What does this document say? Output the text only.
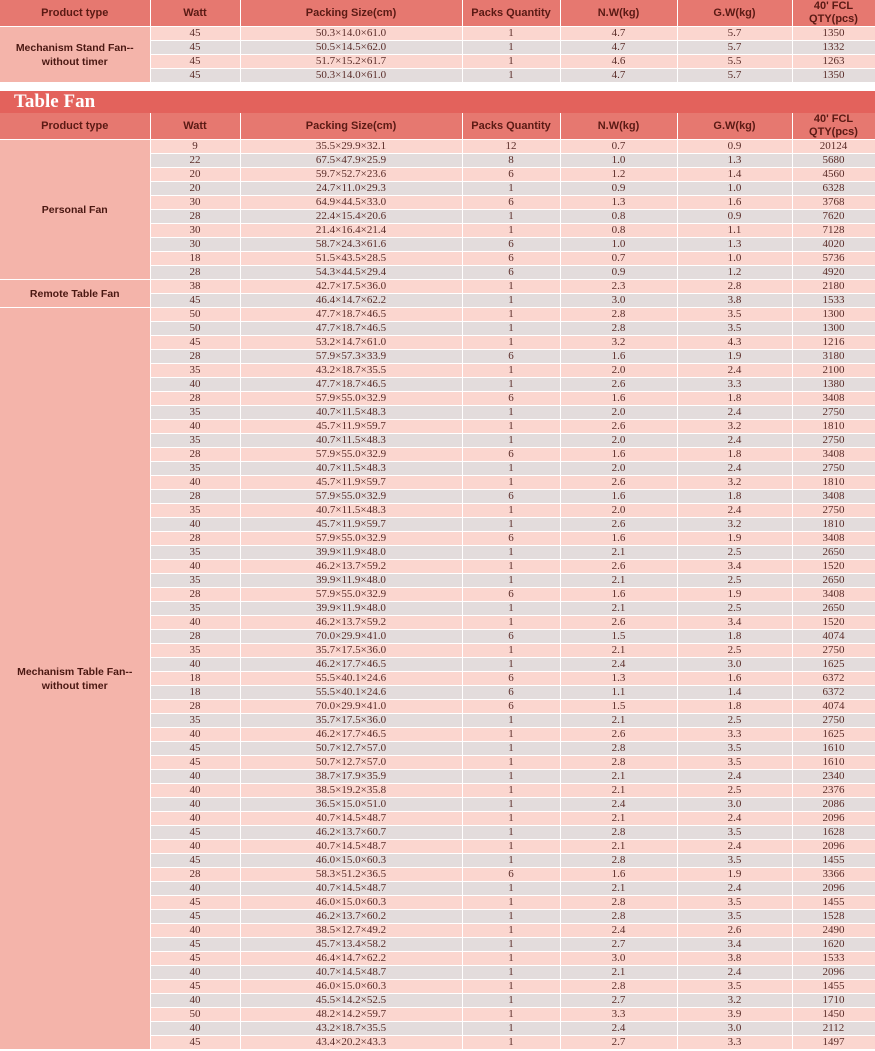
Product type	Watt	Packing Size(cm)	Packs Quantity	N.W(kg)	G.W(kg)	40' FCL QTY(pcs)
Mechanism Stand Fan--without timer	45	50.3×14.0×61.0	1	4.7	5.7	1350
	45	50.5×14.5×62.0	1	4.7	5.7	1332
	45	51.7×15.2×61.7	1	4.6	5.5	1263
	45	50.3×14.0×61.0	1	4.7	5.7	1350
Table Fan
Product type	Watt	Packing Size(cm)	Packs Quantity	N.W(kg)	G.W(kg)	40' FCL QTY(pcs)
Personal Fan	9	35.5×29.9×32.1	12	0.7	0.9	20124
	22	67.5×47.9×25.9	8	1.0	1.3	5680
	20	59.7×52.7×23.6	6	1.2	1.4	4560
	20	24.7×11.0×29.3	1	0.9	1.0	6328
	30	64.9×44.5×33.0	6	1.3	1.6	3768
	28	22.4×15.4×20.6	1	0.8	0.9	7620
	30	21.4×16.4×21.4	1	0.8	1.1	7128
	30	58.7×24.3×61.6	6	1.0	1.3	4020
	18	51.5×43.5×28.5	6	0.7	1.0	5736
	28	54.3×44.5×29.4	6	0.9	1.2	4920
Remote Table Fan	38	42.7×17.5×36.0	1	2.3	2.8	2180
	45	46.4×14.7×62.2	1	3.0	3.8	1533
Mechanism Table Fan--without timer	50	47.7×18.7×46.5	1	2.8	3.5	1300
	50	47.7×18.7×46.5	1	2.8	3.5	1300
	45	53.2×14.7×61.0	1	3.2	4.3	1216
	28	57.9×57.3×33.9	6	1.6	1.9	3180
	35	43.2×18.7×35.5	1	2.0	2.4	2100
	40	47.7×18.7×46.5	1	2.6	3.3	1380
	28	57.9×55.0×32.9	6	1.6	1.8	3408
	35	40.7×11.5×48.3	1	2.0	2.4	2750
	40	45.7×11.9×59.7	1	2.6	3.2	1810
	35	40.7×11.5×48.3	1	2.0	2.4	2750
	28	57.9×55.0×32.9	6	1.6	1.8	3408
	35	40.7×11.5×48.3	1	2.0	2.4	2750
	40	45.7×11.9×59.7	1	2.6	3.2	1810
	28	57.9×55.0×32.9	6	1.6	1.8	3408
	35	40.7×11.5×48.3	1	2.0	2.4	2750
	40	45.7×11.9×59.7	1	2.6	3.2	1810
	28	57.9×55.0×32.9	6	1.6	1.9	3408
	35	39.9×11.9×48.0	1	2.1	2.5	2650
	40	46.2×13.7×59.2	1	2.6	3.4	1520
	35	39.9×11.9×48.0	1	2.1	2.5	2650
	28	57.9×55.0×32.9	6	1.6	1.9	3408
	35	39.9×11.9×48.0	1	2.1	2.5	2650
	40	46.2×13.7×59.2	1	2.6	3.4	1520
	28	70.0×29.9×41.0	6	1.5	1.8	4074
	35	35.7×17.5×36.0	1	2.1	2.5	2750
	40	46.2×17.7×46.5	1	2.4	3.0	1625
	18	55.5×40.1×24.6	6	1.3	1.6	6372
	18	55.5×40.1×24.6	6	1.1	1.4	6372
	28	70.0×29.9×41.0	6	1.5	1.8	4074
	35	35.7×17.5×36.0	1	2.1	2.5	2750
	40	46.2×17.7×46.5	1	2.6	3.3	1625
	45	50.7×12.7×57.0	1	2.8	3.5	1610
	45	50.7×12.7×57.0	1	2.8	3.5	1610
	40	38.7×17.9×35.9	1	2.1	2.4	2340
	40	38.5×19.2×35.8	1	2.1	2.5	2376
	40	36.5×15.0×51.0	1	2.4	3.0	2086
	40	40.7×14.5×48.7	1	2.1	2.4	2096
	45	46.2×13.7×60.7	1	2.8	3.5	1628
	40	40.7×14.5×48.7	1	2.1	2.4	2096
	45	46.0×15.0×60.3	1	2.8	3.5	1455
	28	58.3×51.2×36.5	6	1.6	1.9	3366
	40	40.7×14.5×48.7	1	2.1	2.4	2096
	45	46.0×15.0×60.3	1	2.8	3.5	1455
	45	46.2×13.7×60.2	1	2.8	3.5	1528
	40	38.5×12.7×49.2	1	2.4	2.6	2490
	45	45.7×13.4×58.2	1	2.7	3.4	1620
	45	46.4×14.7×62.2	1	3.0	3.8	1533
	40	40.7×14.5×48.7	1	2.1	2.4	2096
	45	46.0×15.0×60.3	1	2.8	3.5	1455
	40	45.5×14.2×52.5	1	2.7	3.2	1710
	50	48.2×14.2×59.7	1	3.3	3.9	1450
	40	43.2×18.7×35.5	1	2.4	3.0	2112
	45	43.4×20.2×43.3	1	2.7	3.3	1497
